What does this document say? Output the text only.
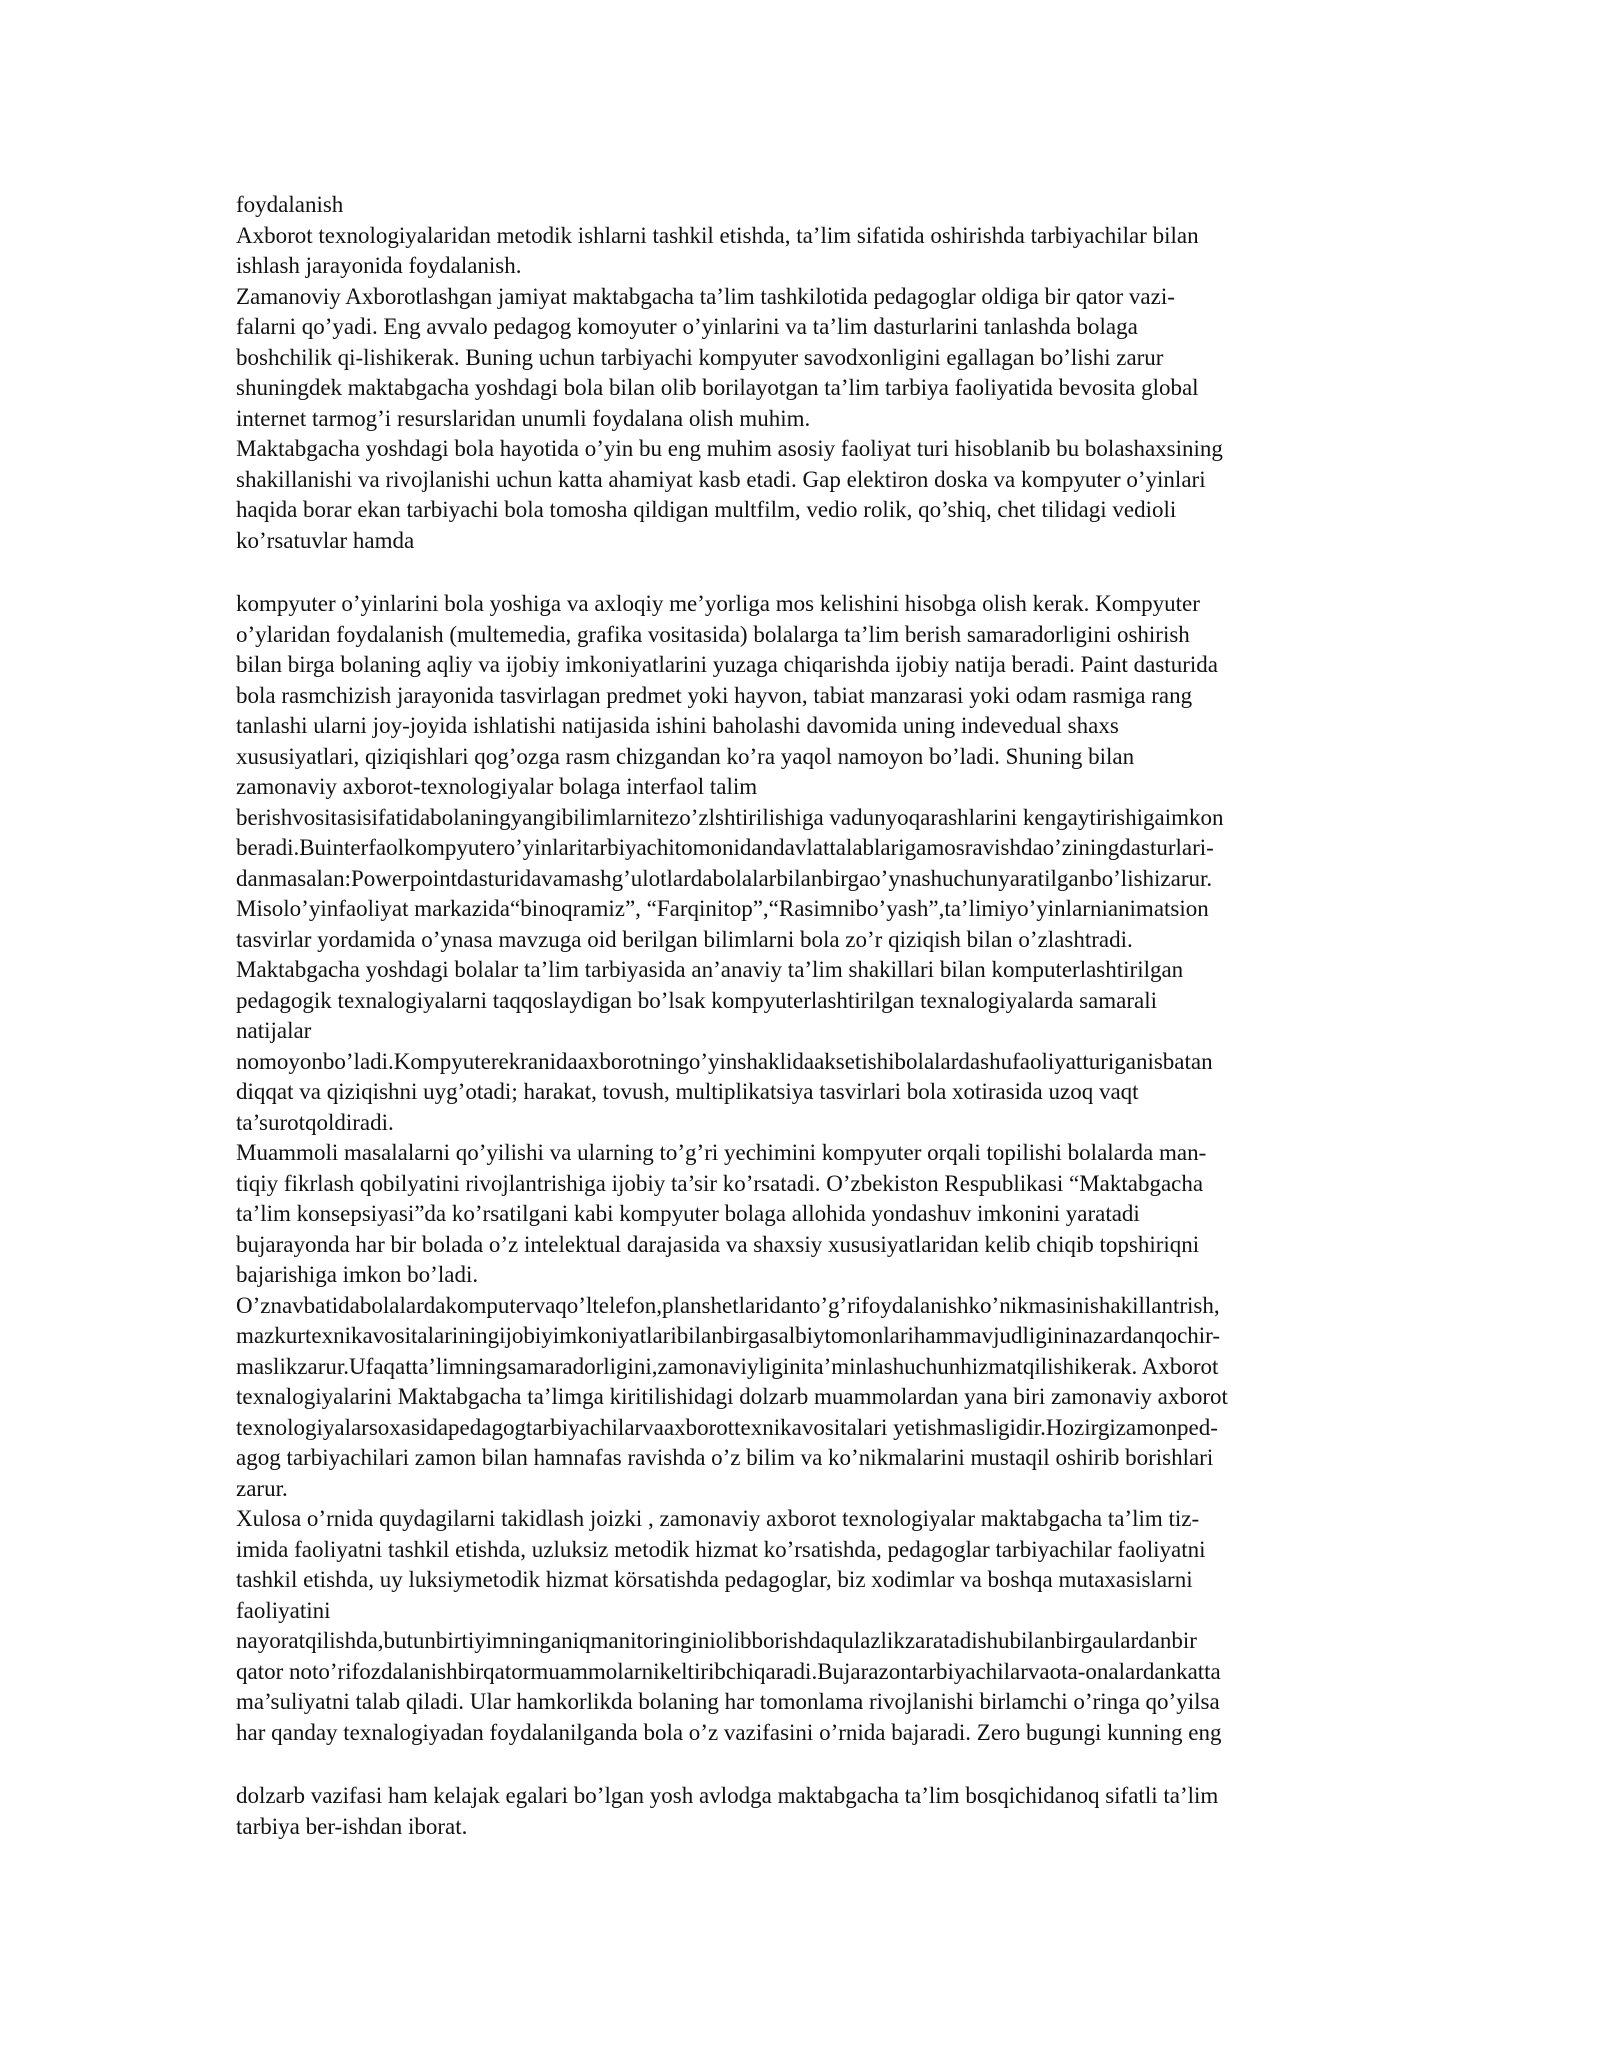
foydalanish
Axborot texnologiyalaridan metodik ishlarni tashkil etishda, ta’lim sifatida oshirishda tarbiyachilar bilan
ishlash jarayonida foydalanish.
Zamanoviy Axborotlashgan jamiyat maktabgacha ta’lim tashkilotida pedagoglar oldiga bir qator vazi-
falarni qo’yadi. Eng avvalo pedagog komoyuter o’yinlarini va ta’lim dasturlarini tanlashda bolaga
boshchilik qi-lishikerak. Buning uchun tarbiyachi kompyuter savodxonligini egallagan bo’lishi zarur
shuningdek maktabgacha yoshdagi bola bilan olib borilayotgan ta’lim tarbiya faoliyatida bevosita global
internet tarmog’i resurslaridan unumli foydalana olish muhim.
Maktabgacha yoshdagi bola hayotida o’yin bu eng muhim asosiy faoliyat turi hisoblanib bu bolashaxsining
shakillanishi va rivojlanishi uchun katta ahamiyat kasb etadi. Gap elektiron doska va kompyuter o’yinlari
haqida borar ekan tarbiyachi bola tomosha qildigan multfilm, vedio rolik, qo’shiq, chet tilidagi vedioli
ko’rsatuvlar hamda
kompyuter o’yinlarini bola yoshiga va axloqiy me’yorliga mos kelishini hisobga olish kerak. Kompyuter
o’ylaridan foydalanish (multemedia, grafika vositasida) bolalarga ta’lim berish samaradorligini oshirish
bilan birga bolaning aqliy va ijobiy imkoniyatlarini yuzaga chiqarishda ijobiy natija beradi. Paint dasturida
bola rasmchizish jarayonida tasvirlagan predmet yoki hayvon, tabiat manzarasi yoki odam rasmiga rang
tanlashi ularni joy-joyida ishlatishi natijasida ishini baholashi davomida uning indevedual shaxs
xususiyatlari, qiziqishlari qog’ozga rasm chizgandan ko’ra yaqol namoyon bo’ladi. Shuning bilan
zamonaviy axborot-texnologiyalar bolaga interfaol talim
berishvositasisifatidabolaningyangibilimlarnitezo’zlshtirilishiga vadunyoqarashlarini kengaytirishigaimkon
beradi.Buinterfaolkompyutero’yinlaritarbiyachitomonidandavlattalablarigamosravishdao’ziningdasturlari-
danmasalan:Powerpointdasturidavamashg’ulotlardabolalarbilanbirgao’ynashuchunyaratilganbo’lishizarur.
Misolo’yinfaoliyat markazida“binoqramiz”, “Farqinitop”,“Rasimnibo’yash”,ta’limiyo’yinlarnianimatsion
tasvirlar yordamida o’ynasa mavzuga oid berilgan bilimlarni bola zo’r qiziqish bilan o’zlashtradi.
Maktabgacha yoshdagi bolalar ta’lim tarbiyasida an’anaviy ta’lim shakillari bilan komputerlashtirilgan
pedagogik texnalogiyalarni taqqoslaydigan bo’lsak kompyuterlashtirilgan texnalogiyalarda samarali
natijalar
nomoyonbo’ladi.Kompyuterekranidaaxborotningo’yinshaklidaaksetishibolalardashufaoliyatturiganisbatan
diqqat va qiziqishni uyg’otadi; harakat, tovush, multiplikatsiya tasvirlari bola xotirasida uzoq vaqt
ta’surotqoldiradi.
Muammoli masalalarni qo’yilishi va ularning to’g’ri yechimini kompyuter orqali topilishi bolalarda man-
tiqiy fikrlash qobilyatini rivojlantrishiga ijobiy ta’sir ko’rsatadi. O’zbekiston Respublikasi “Maktabgacha
ta’lim konsepsiyasi”da ko’rsatilgani kabi kompyuter bolaga allohida yondashuv imkonini yaratadi
bujarayonda har bir bolada o’z intelektual darajasida va shaxsiy xususiyatlaridan kelib chiqib topshiriqni
bajarishiga imkon bo’ladi.
O’znavbatidabolalardakomputervaqo’ltelefon,planshetlaridanto’g’rifoydalanishko’nikmasinishakillantrish,
mazkurtexnikavositalariningijobiyimkoniyatlaribilanbirgasalbiytomonlarihammavjudligininazardanqochir-
maslikzarur.Ufaqatta’limningsamaradorligini,zamonaviyliginita’minlashuchunhizmatqilishikerak. Axborot
texnalogiyalarini Maktabgacha ta’limga kiritilishidagi dolzarb muammolardan yana biri zamonaviy axborot
texnologiyalarsoxasidapedagogtarbiyachilarvaaxborottexnikavositalari yetishmasligidir.Hozirgizamonped-
agog tarbiyachilari zamon bilan hamnafas ravishda o’z bilim va ko’nikmalarini mustaqil oshirib borishlari
zarur.
Xulosa o’rnida quydagilarni takidlash joizki , zamonaviy axborot texnologiyalar maktabgacha ta’lim tiz-
imida faoliyatni tashkil etishda, uzluksiz metodik hizmat ko’rsatishda, pedagoglar tarbiyachilar faoliyatni
tashkil etishda, uy luksiymetodik hizmat körsatishda pedagoglar, biz xodimlar va boshqa mutaxasislarni
faoliyatini
nayoratqilishda,butunbirtiyimninganiqmanitoringiniolibborishdaqulazlikzaratadishubilanbirgaulardanbir
qator noto’rifozdalanishbirqatormuammolarnikeltiribchiqaradi.Bujarazontarbiyachilarvaota-onalardankatta
ma’suliyatni talab qiladi. Ular hamkorlikda bolaning har tomonlama rivojlanishi birlamchi o’ringa qo’yilsa
har qanday texnalogiyadan foydalanilganda bola o’z vazifasini o’rnida bajaradi. Zero bugungi kunning eng
dolzarb vazifasi ham kelajak egalari bo’lgan yosh avlodga maktabgacha ta’lim bosqichidanoq sifatli ta’lim
tarbiya ber-ishdan iborat.
